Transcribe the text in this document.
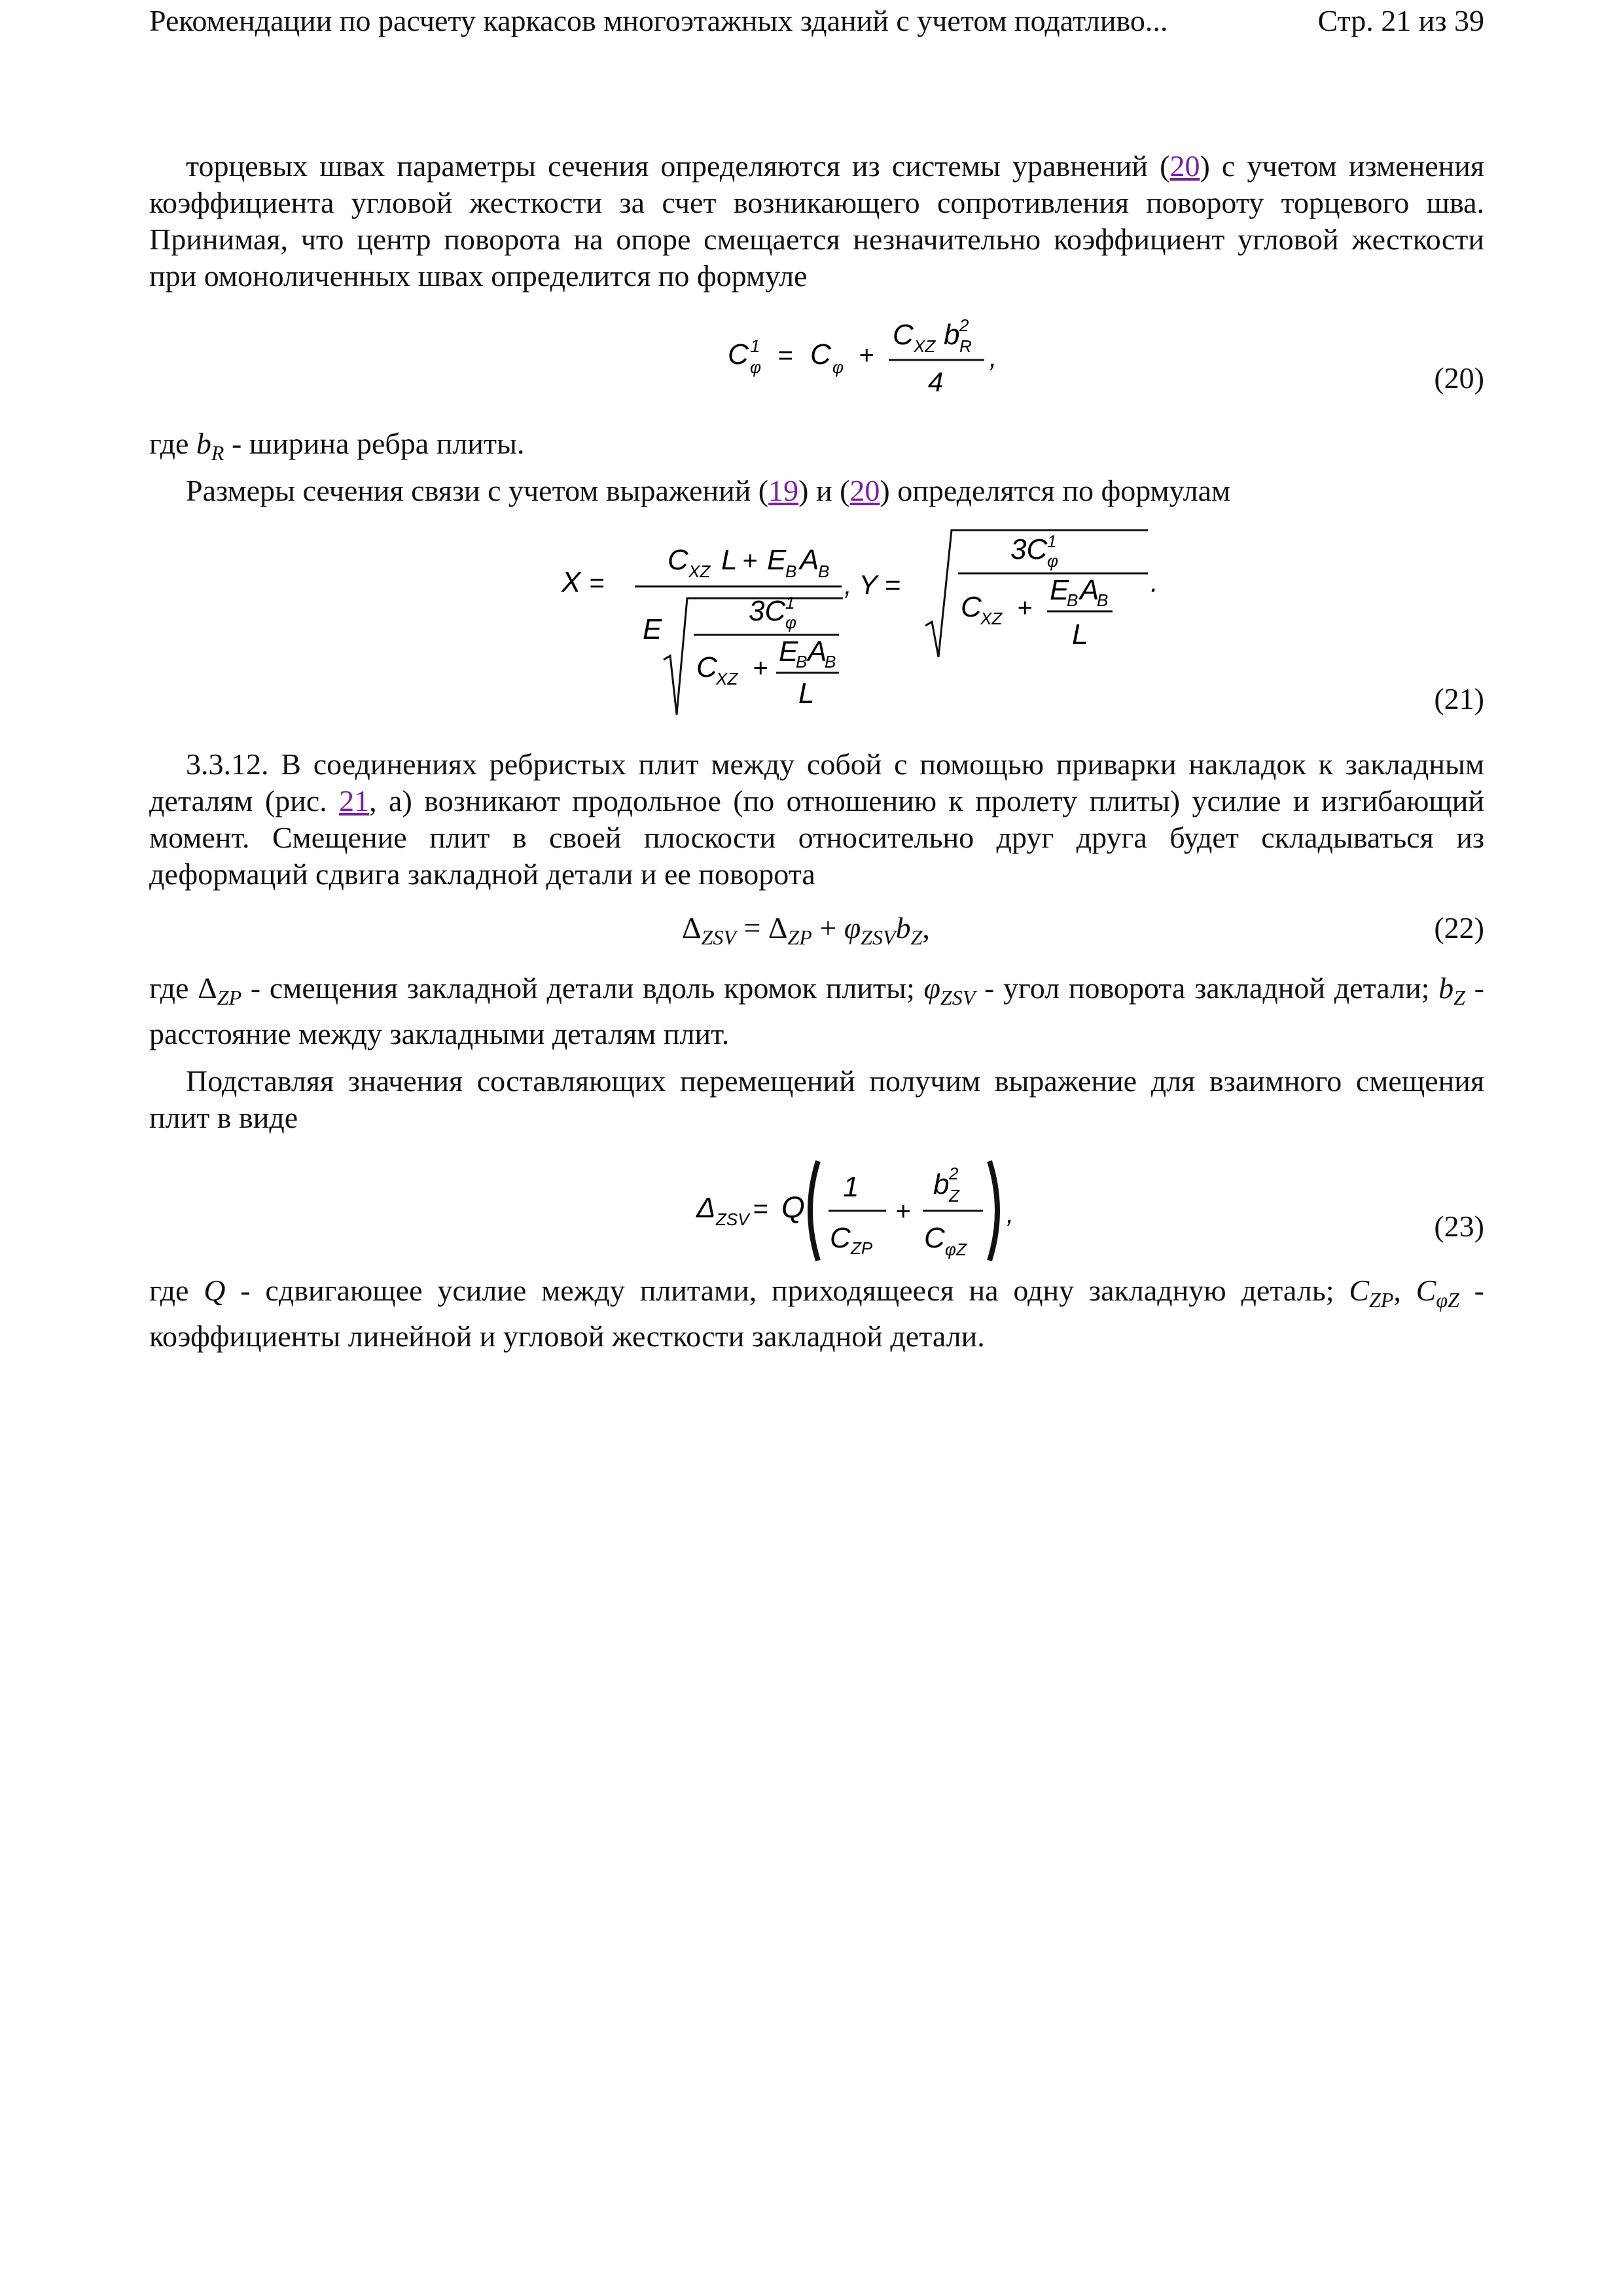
Рекомендации по расчету каркасов многоэтажных зданий с учетом податливо...	Стр. 21 из 39
торцевых швах параметры сечения определяются из системы уравнений (20) с учетом изменения коэффициента угловой жесткости за счет возникающего сопротивления повороту торцевого шва. Принимая, что центр поворота на опоре смещается незначительно коэффициент угловой жесткости при омоноличенных швах определится по формуле
C 1
φ = C φ +
C XZ b 2
R
4
,
(20)
где $b_R$ - ширина ребра плиты.
Размеры сечения связи с учетом выражений (19) и (20) определятся по формулам
X =
C XZ L + E
B A
B
E
3C 1
φ
C
XZ +
E
B A
B
L
, Y =
3C 1
φ
C
XZ +
E
B A
B
L
.
(21)
3.3.12. В соединениях ребристых плит между собой с помощью приварки накладок к закладным деталям (рис. 21, а) возникают продольное (по отношению к пролету плиты) усилие и изгибающий момент. Смещение плит в своей плоскости относительно друг друга будет складываться из деформаций сдвига закладной детали и ее поворота
$\Delta_{ZSV} = \Delta_{ZP} + \varphi_{ZSV}b_Z$,	(22)
где $\Delta_{ZP}$ - смещения закладной детали вдоль кромок плиты; $\varphi_{ZSV}$ - угол поворота закладной детали; $b_Z$ - расстояние между закладными деталям плит.
Подставляя значения составляющих перемещений получим выражение для взаимного смещения плит в виде
Δ ZSV = Q
1
C ZP
+
b 2
Z
C φZ
,	(23)
где Q - сдвигающее усилие между плитами, приходящееся на одну закладную деталь; $C_{ZP}$, $C_{\varphi Z}$ - коэффициенты линейной и угловой жесткости закладной детали.
